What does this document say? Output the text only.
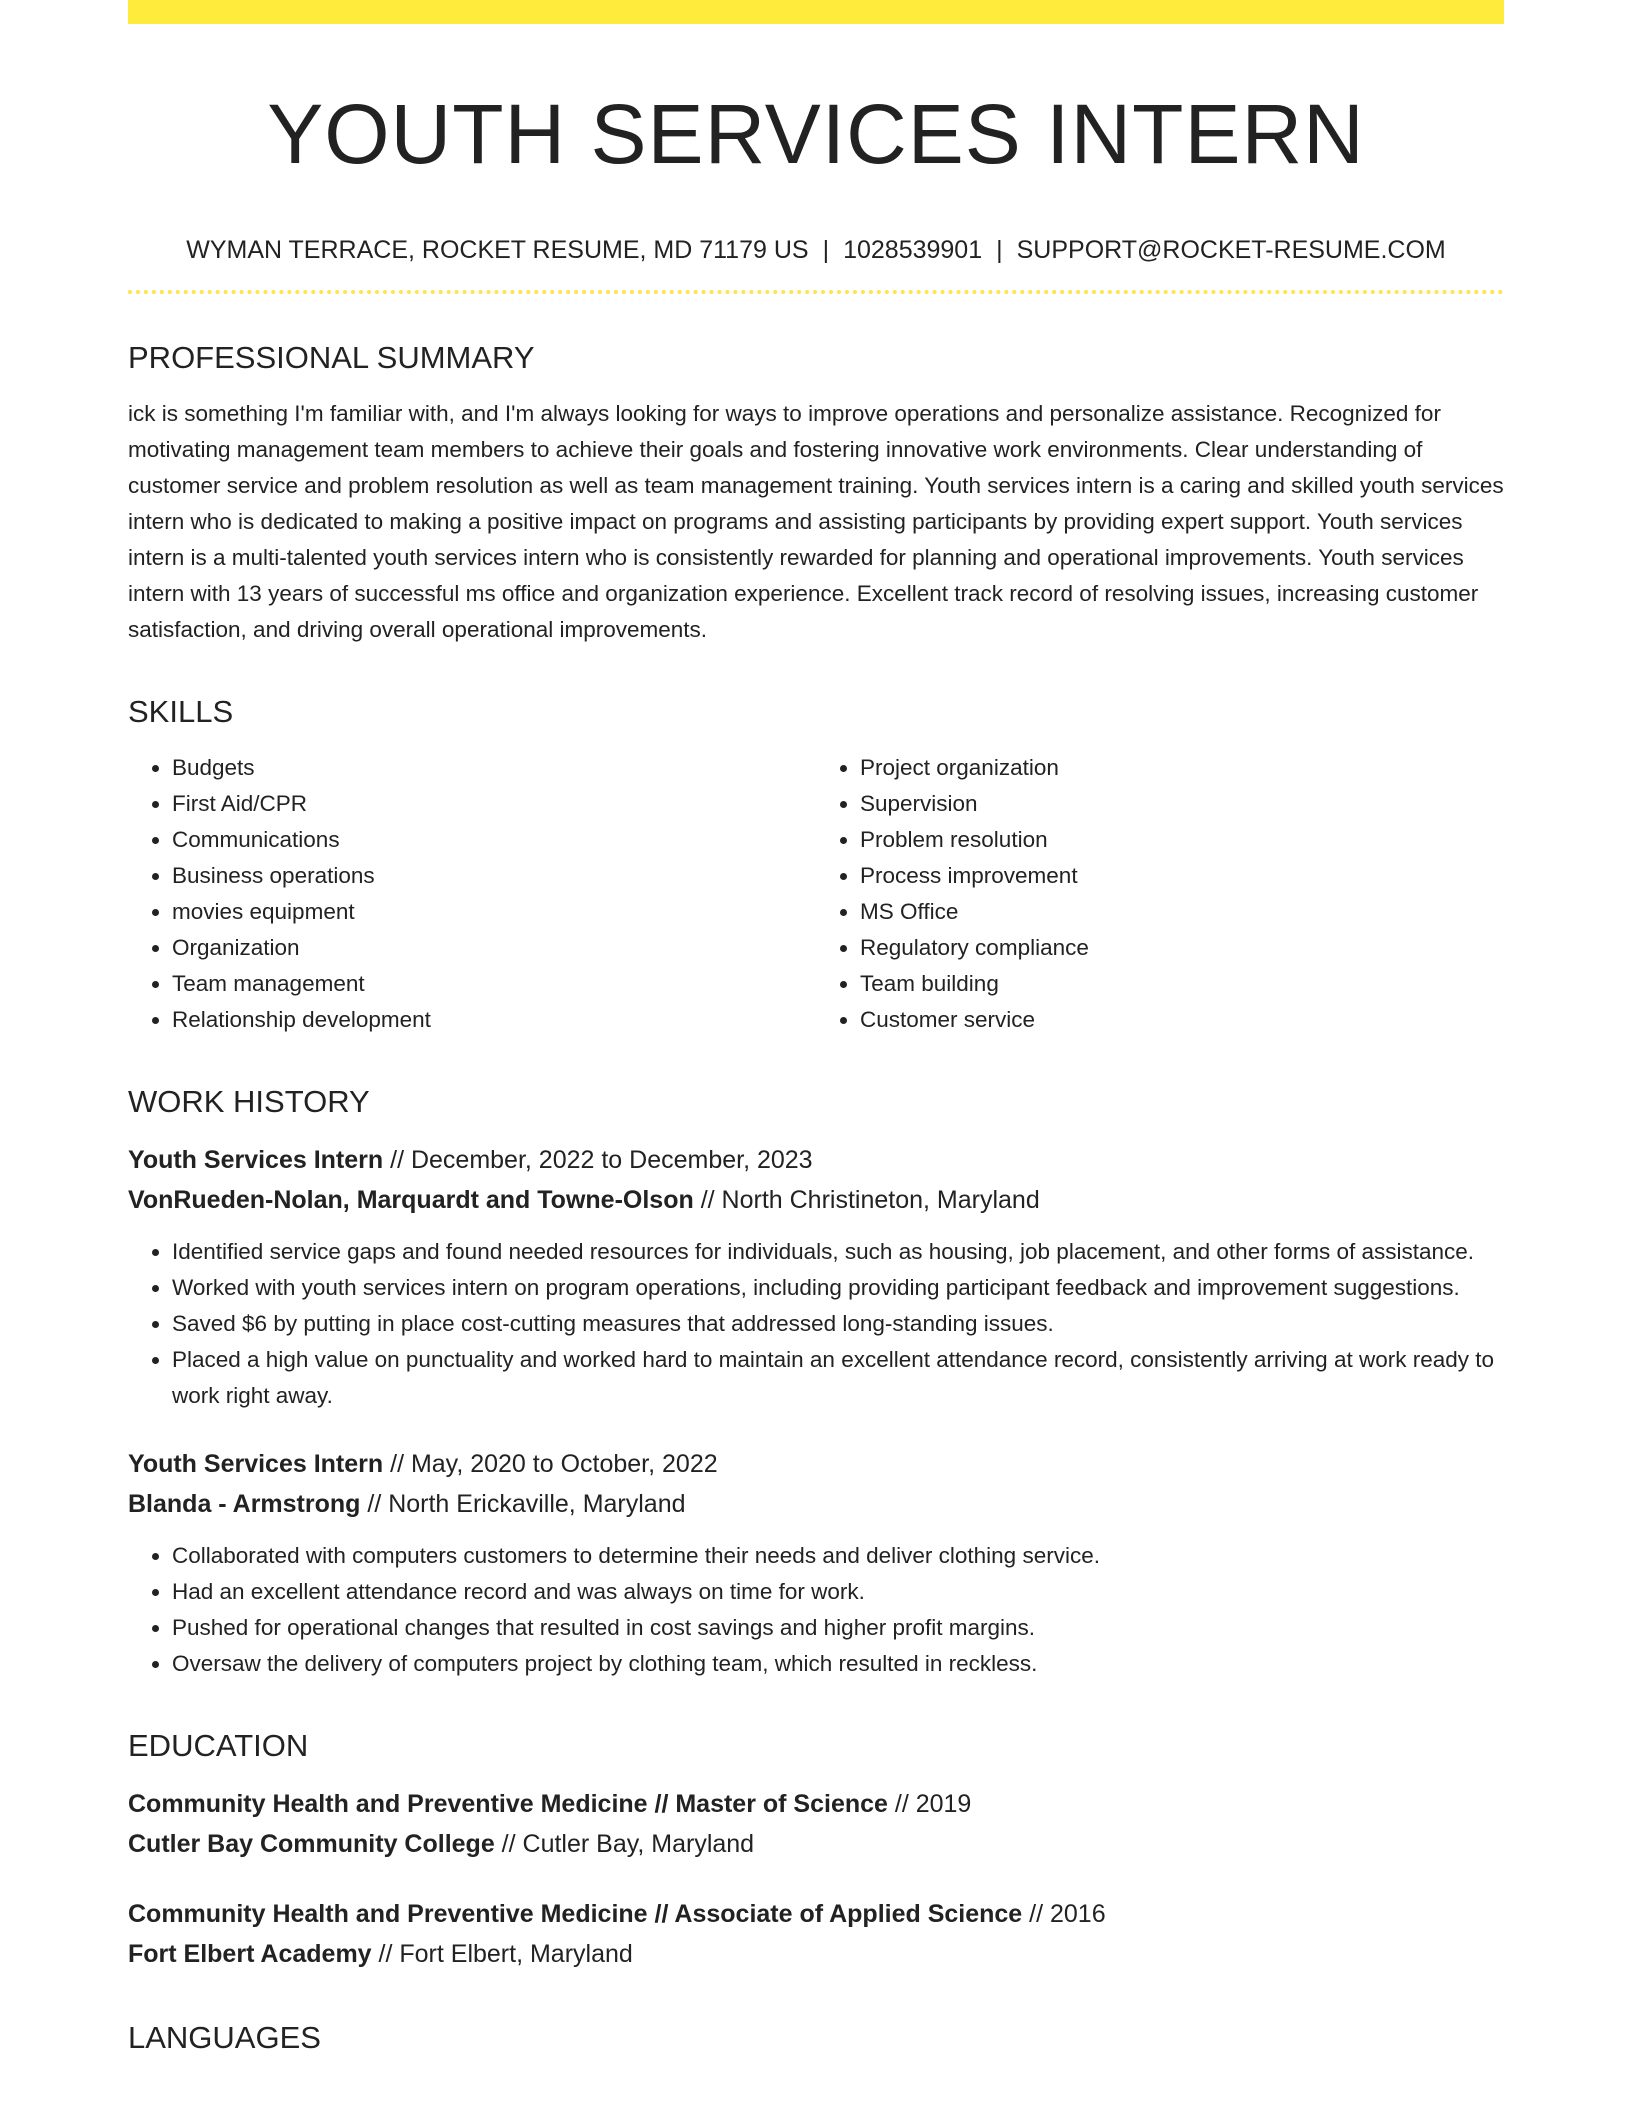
YOUTH SERVICES INTERN
WYMAN TERRACE, ROCKET RESUME, MD 71179 US | 1028539901 | SUPPORT@ROCKET-RESUME.COM
PROFESSIONAL SUMMARY
ick is something I'm familiar with, and I'm always looking for ways to improve operations and personalize assistance. Recognized for motivating management team members to achieve their goals and fostering innovative work environments. Clear understanding of customer service and problem resolution as well as team management training. Youth services intern is a caring and skilled youth services intern who is dedicated to making a positive impact on programs and assisting participants by providing expert support. Youth services intern is a multi-talented youth services intern who is consistently rewarded for planning and operational improvements. Youth services intern with 13 years of successful ms office and organization experience. Excellent track record of resolving issues, increasing customer satisfaction, and driving overall operational improvements.
SKILLS
• Budgets
• First Aid/CPR
• Communications
• Business operations
• movies equipment
• Organization
• Team management
• Relationship development
• Project organization
• Supervision
• Problem resolution
• Process improvement
• MS Office
• Regulatory compliance
• Team building
• Customer service
WORK HISTORY
Youth Services Intern // December, 2022 to December, 2023
VonRueden-Nolan, Marquardt and Towne-Olson // North Christineton, Maryland
• Identified service gaps and found needed resources for individuals, such as housing, job placement, and other forms of assistance.
• Worked with youth services intern on program operations, including providing participant feedback and improvement suggestions.
• Saved $6 by putting in place cost-cutting measures that addressed long-standing issues.
• Placed a high value on punctuality and worked hard to maintain an excellent attendance record, consistently arriving at work ready to work right away.
Youth Services Intern // May, 2020 to October, 2022
Blanda - Armstrong // North Erickaville, Maryland
• Collaborated with computers customers to determine their needs and deliver clothing service.
• Had an excellent attendance record and was always on time for work.
• Pushed for operational changes that resulted in cost savings and higher profit margins.
• Oversaw the delivery of computers project by clothing team, which resulted in reckless.
EDUCATION
Community Health and Preventive Medicine // Master of Science // 2019
Cutler Bay Community College // Cutler Bay, Maryland
Community Health and Preventive Medicine // Associate of Applied Science // 2016
Fort Elbert Academy // Fort Elbert, Maryland
LANGUAGES
